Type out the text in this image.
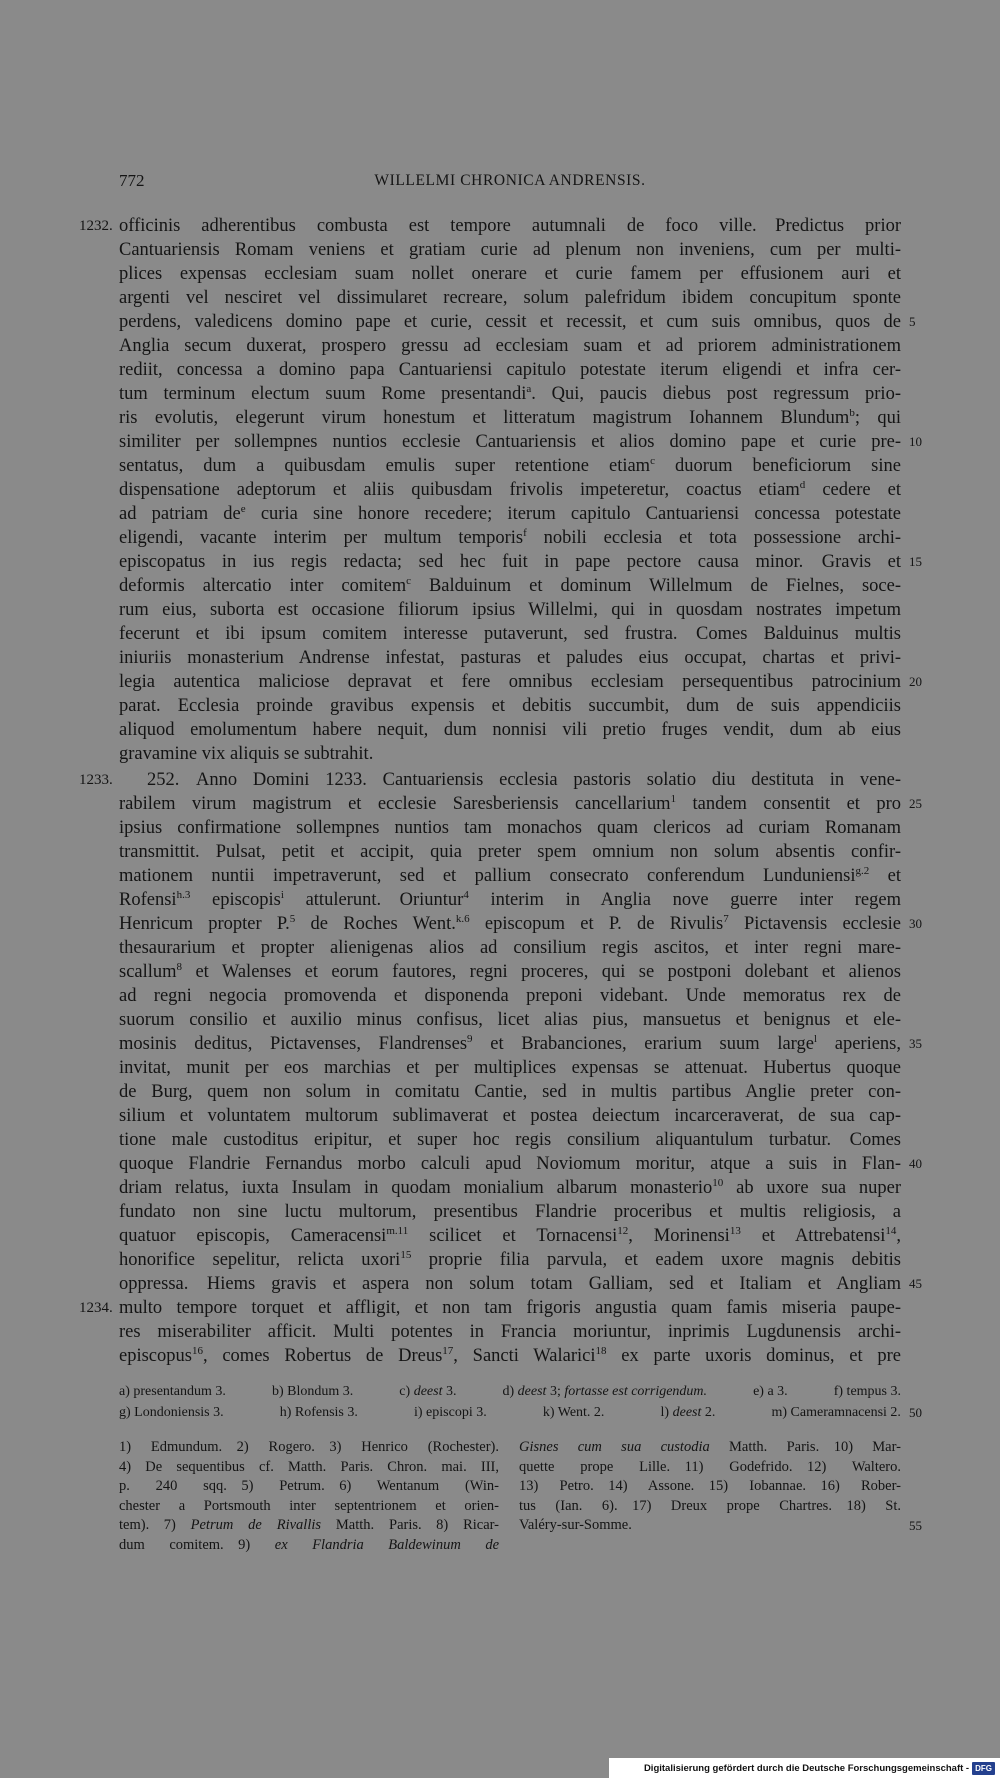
772	WILLELMI CHRONICA ANDRENSIS.
1232. officinis adherentibus combusta est tempore autumnali de foco ville. Predictus prior
Cantuariensis Romam veniens et gratiam curie ad plenum non inveniens, cum per multi-
plices expensas ecclesiam suam nollet onerare et curie famem per effusionem auri et
argenti vel nesciret vel dissimularet recreare, solum palefridum ibidem concupitum sponte
5
perdens, valedicens domino pape et curie, cessit et recessit, et cum suis omnibus, quos de
Anglia secum duxerat, prospero gressu ad ecclesiam suam et ad priorem administrationem
rediit, concessa a domino papa Cantuariensi capitulo potestate iterum eligendi et infra cer-
tum terminum electum suum Rome presentandi$^a$. Qui, paucis diebus post regressum prio-
ris evolutis, elegerunt virum honestum et litteratum magistrum Iohannem Blundum$^b$; qui
10
similiter per sollempnes nuntios ecclesie Cantuariensis et alios domino pape et curie pre-
sentatus, dum a quibusdam emulis super retentione etiam$^c$ duorum beneficiorum sine
dispensatione adeptorum et aliis quibusdam frivolis impeteretur, coactus etiam$^d$ cedere et
ad patriam $de^e$ curia sine honore recedere; iterum capitulo Cantuariensi concessa potestate
eligendi, vacante interim per multum temporis$^f$ nobili ecclesia et tota possessione archi-
15
episcopatus in ius regis redacta; sed hec fuit in pape pectore causa minor. Gravis et
deformis altercatio inter comitem$^c$ Balduinum et dominum Willelmum de Fielnes, soce-
rum eius, suborta est occasione filiorum ipsius Willelmi, qui in quosdam nostrates impetum
fecerunt et ibi ipsum comitem interesse putaverunt, sed frustra. Comes Balduinus multis
iniuriis monasterium Andrense infestat, pasturas et paludes eius occupat, chartas et privi-
20
legia autentica maliciose depravat et fere omnibus ecclesiam persequentibus patrocinium
parat. Ecclesia proinde gravibus expensis et debitis succumbit, dum de suis appendiciis
aliquod emolumentum habere nequit, dum nonnisi vili pretio fruges vendit, dum ab eius
gravamine vix aliquis se subtrahit.
1233. 252. Anno Domini 1233. Cantuariensis ecclesia pastoris solatio diu destituta in vene-
25
rabilem virum magistrum et ecclesie Saresberiensis cancellarium$^1$ tandem consentit et pro
ipsius confirmatione sollempnes nuntios tam monachos quam clericos ad curiam Romanam
transmittit. Pulsat, petit et accipit, quia preter spem omnium non solum absentis confir-
mationem nuntii impetraverunt, sed et pallium consecrato conferendum Lunduniensi$^{g.2}$ et
Rofensi$^{h.3}$ episcopis$^i$ attulerunt. Oriuntur$^4$ interim in Anglia nove guerre inter regem
30
Henricum propter P.$^5$ de Roches Went.$^{k.6}$ episcopum et P. de Rivulis$^7$ Pictavensis ecclesie
thesaurarium et propter alienigenas alios ad consilium regis ascitos, et inter regni mare-
scallum$^8$ et Walenses et eorum fautores, regni proceres, qui se postponi dolebant et alienos
ad regni negocia promovenda et disponenda preponi videbant. Unde memoratus rex de
suorum consilio et auxilio minus confisus, licet alias pius, mansuetus et benignus et ele-
35
mosinis deditus, Pictavenses, Flandrenses$^9$ et Brabanciones, erarium suum large$^l$ aperiens,
invitat, munit per eos marchias et per multiplices expensas se attenuat. Hubertus quoque
de Burg, quem non solum in comitatu Cantie, sed in multis partibus Anglie preter con-
silium et voluntatem multorum sublimaverat et postea deiectum incarceraverat, de sua cap-
tione male custoditus eripitur, et super hoc regis consilium aliquantulum turbatur. Comes
40
quoque Flandrie Fernandus morbo calculi apud Noviomum moritur, atque a suis in Flan-
driam relatus, iuxta Insulam in quodam monialium albarum monasterio$^{10}$ ab uxore sua nuper
fundato non sine luctu multorum, presentibus Flandrie proceribus et multis religiosis, a
quatuor episcopis, Cameracensi$^{m.11}$ scilicet et Tornacensi$^{12}$, Morinensi$^{13}$ et Attrebatensi$^{14}$,
honorifice sepelitur, relicta uxori$^{15}$ proprie filia parvula, et eadem uxore magnis debitis
45
oppressa. Hiems gravis et aspera non solum totam Galliam, sed et Italiam et Angliam
1234. multo tempore torquet et affligit, et non tam frigoris angustia quam famis miseria paupe-
res miserabiliter afficit. Multi potentes in Francia moriuntur, inprimis Lugdunensis archi-
episcopus$^{16}$, comes Robertus de Dreus$^{17}$, Sancti Walarici$^{18}$ ex parte uxoris dominus, et pre
a) presentandum 3.	b) Blondum 3.	c) deest 3.	d) deest 3; fortasse est corrigendum.	e) a 3.	f) tempus 3.
g) Londoniensis 3.	h) Rofensis 3.	i) episcopi 3.	k) Went. 2.	l) deest 2.	m) Cameramnacensi 2. 50
1) Edmundum. 2) Rogero. 3) Henrico (Rochester).
4) De sequentibus cf. Matth. Paris. Chron. mai. III,
p. 240 sqq. 5) Petrum. 6) Wentanum (Win-
chester a Portsmouth inter septentrionem et orien-
tem). 7) Petrum de Rivallis Matth. Paris. 8) Ricar-
dum comitem. 9) ex Flandria Baldewinum de
Gisnes cum sua custodia Matth. Paris. 10) Mar-
quette prope Lille. 11) Godefrido. 12) Waltero.
13) Petro. 14) Assone. 15) Iobannae. 16) Rober-
tus (Ian. 6). 17) Dreux prope Chartres. 18) St.
55
Valéry-sur-Somme.
Digitalisierung gefördert durch die Deutsche Forschungsgemeinschaft - DFG
